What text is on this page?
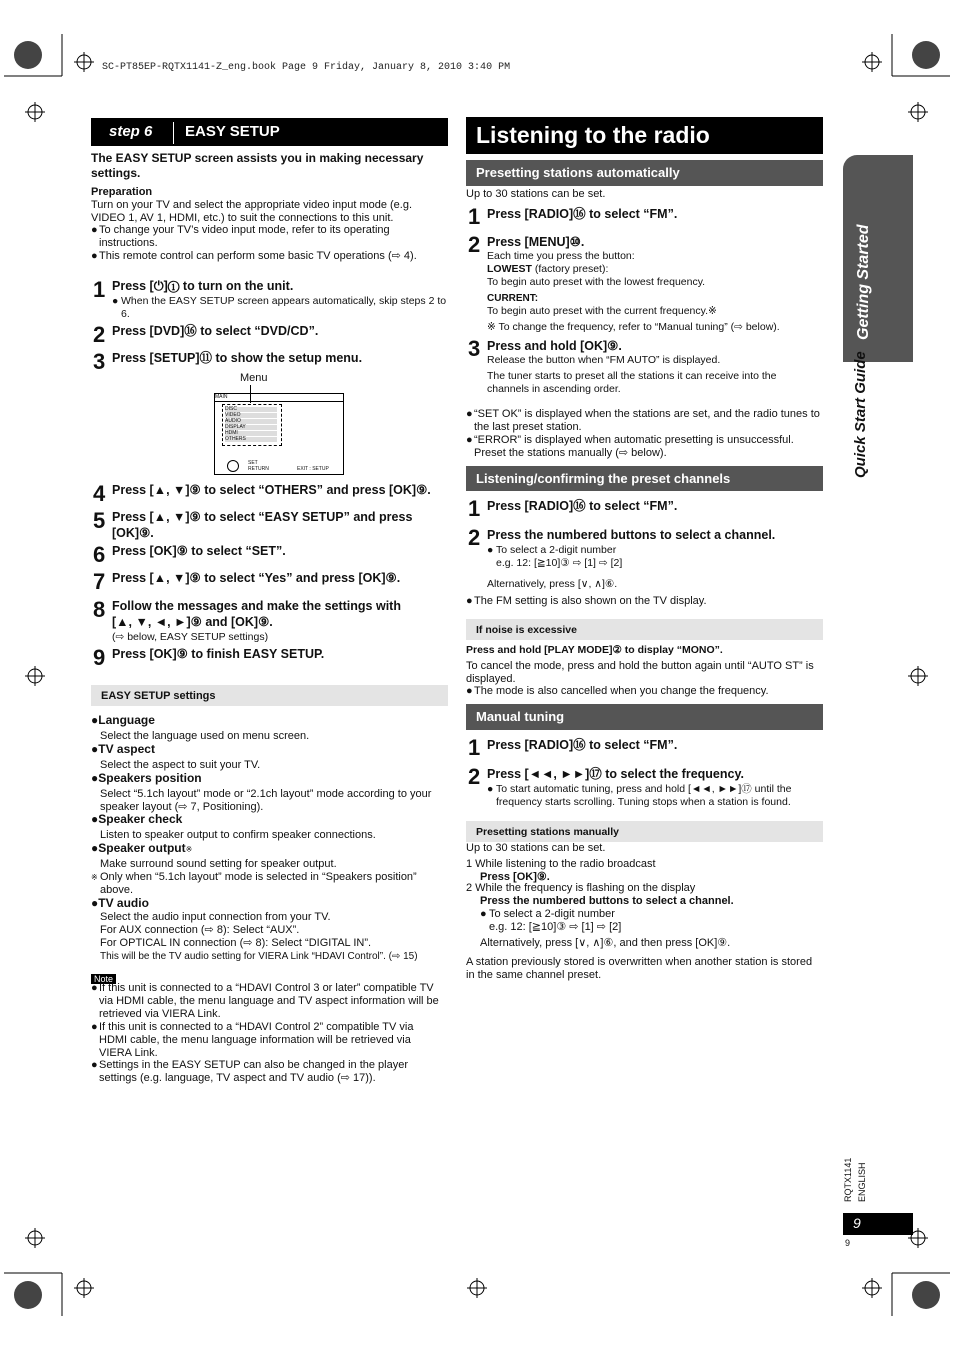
SC-PT85EP-RQTX1141-Z_eng.book Page 9 Friday, January 8, 2010 3:40 PM
step 6 EASY SETUP
The EASY SETUP screen assists you in making necessary settings.
Preparation
Turn on your TV and select the appropriate video input mode (e.g. VIDEO 1, AV 1, HDMI, etc.) to suit the connections to this unit.
● To change your TV’s video input mode, refer to its operating instructions.
● This remote control can perform some basic TV operations (⇨ 4).
1 Press [⏻]① to turn on the unit.
● When the EASY SETUP screen appears automatically, skip steps 2 to 6.
2 Press [DVD]⑯ to select “DVD/CD”.
3 Press [SETUP]⑪ to show the setup menu.
Menu
MAIN
DISC
VIDEO
AUDIO
DISPLAY
HDMI
OTHERS
SET
RETURN	EXIT : SETUP
4 Press [▲, ▼]⑨ to select “OTHERS” and press [OK]⑨.
5 Press [▲, ▼]⑨ to select “EASY SETUP” and press [OK]⑨.
6 Press [OK]⑨ to select “SET”.
7 Press [▲, ▼]⑨ to select “Yes” and press [OK]⑨.
8 Follow the messages and make the settings with [▲, ▼, ◄, ►]⑨ and [OK]⑨.
(⇨ below, EASY SETUP settings)
9 Press [OK]⑨ to finish EASY SETUP.
EASY SETUP settings
●Language
Select the language used on menu screen.
●TV aspect
Select the aspect to suit your TV.
●Speakers position
Select “5.1ch layout” mode or “2.1ch layout” mode according to your speaker layout (⇨ 7, Positioning).
●Speaker check
Listen to speaker output to confirm speaker connections.
●Speaker output※
Make surround sound setting for speaker output.
※ Only when “5.1ch layout” mode is selected in “Speakers position” above.
●TV audio
Select the audio input connection from your TV.
For AUX connection (⇨ 8): Select “AUX”.
For OPTICAL IN connection (⇨ 8): Select “DIGITAL IN”.
This will be the TV audio setting for VIERA Link “HDAVI Control”. (⇨ 15)
Note
● If this unit is connected to a “HDAVI Control 3 or later” compatible TV via HDMI cable, the menu language and TV aspect information will be retrieved via VIERA Link.
● If this unit is connected to a “HDAVI Control 2” compatible TV via HDMI cable, the menu language information will be retrieved via VIERA Link.
● Settings in the EASY SETUP can also be changed in the player settings (e.g. language, TV aspect and TV audio (⇨ 17)).
Listening to the radio
Presetting stations automatically
Up to 30 stations can be set.
1 Press [RADIO]⑯ to select “FM”.
2 Press [MENU]⑩.
Each time you press the button:
LOWEST (factory preset):
To begin auto preset with the lowest frequency.
CURRENT:
To begin auto preset with the current frequency.※
※ To change the frequency, refer to “Manual tuning” (⇨ below).
3 Press and hold [OK]⑨.
Release the button when “FM AUTO” is displayed.
The tuner starts to preset all the stations it can receive into the channels in ascending order.
● “SET OK” is displayed when the stations are set, and the radio tunes to the last preset station.
● “ERROR” is displayed when automatic presetting is unsuccessful. Preset the stations manually (⇨ below).
Listening/confirming the preset channels
1 Press [RADIO]⑯ to select “FM”.
2 Press the numbered buttons to select a channel.
● To select a 2-digit number
e.g. 12: [≧10]③ ⇨ [1] ⇨ [2]
Alternatively, press [∨, ∧]⑥.
● The FM setting is also shown on the TV display.
If noise is excessive
Press and hold [PLAY MODE]② to display “MONO”.
To cancel the mode, press and hold the button again until “AUTO ST” is displayed.
● The mode is also cancelled when you change the frequency.
Manual tuning
1 Press [RADIO]⑯ to select “FM”.
2 Press [◄◄, ►►]⑰ to select the frequency.
● To start automatic tuning, press and hold [◄◄, ►►]⑰ until the frequency starts scrolling. Tuning stops when a station is found.
Presetting stations manually
Up to 30 stations can be set.
1 While listening to the radio broadcast
Press [OK]⑨.
2 While the frequency is flashing on the display
Press the numbered buttons to select a channel.
● To select a 2-digit number
e.g. 12: [≧10]③ ⇨ [1] ⇨ [2]
Alternatively, press [∨, ∧]⑥, and then press [OK]⑨.
A station previously stored is overwritten when another station is stored in the same channel preset.
Getting Started
Quick Start Guide
RQTX1141 ENGLISH
9
9
